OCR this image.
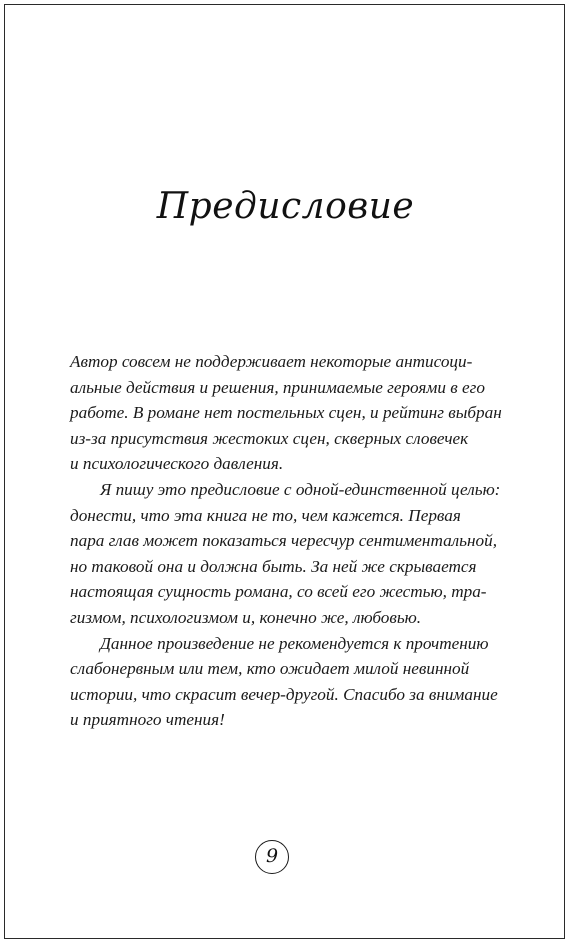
Предисловие
Автор совсем не поддерживает некоторые антисоци-
альные действия и решения, принимаемые героями в его
работе. В романе нет постельных сцен, и рейтинг выбран
из-за присутствия жестоких сцен, скверных словечек
и психологического давления.
Я пишу это предисловие с одной-единственной целью:
донести, что эта книга не то, чем кажется. Первая
пара глав может показаться чересчур сентиментальной,
но таковой она и должна быть. За ней же скрывается
настоящая сущность романа, со всей его жестью, тра-
гизмом, психологизмом и, конечно же, любовью.
Данное произведение не рекомендуется к прочтению
слабонервным или тем, кто ожидает милой невинной
истории, что скрасит вечер-другой. Спасибо за внимание
и приятного чтения!
9
